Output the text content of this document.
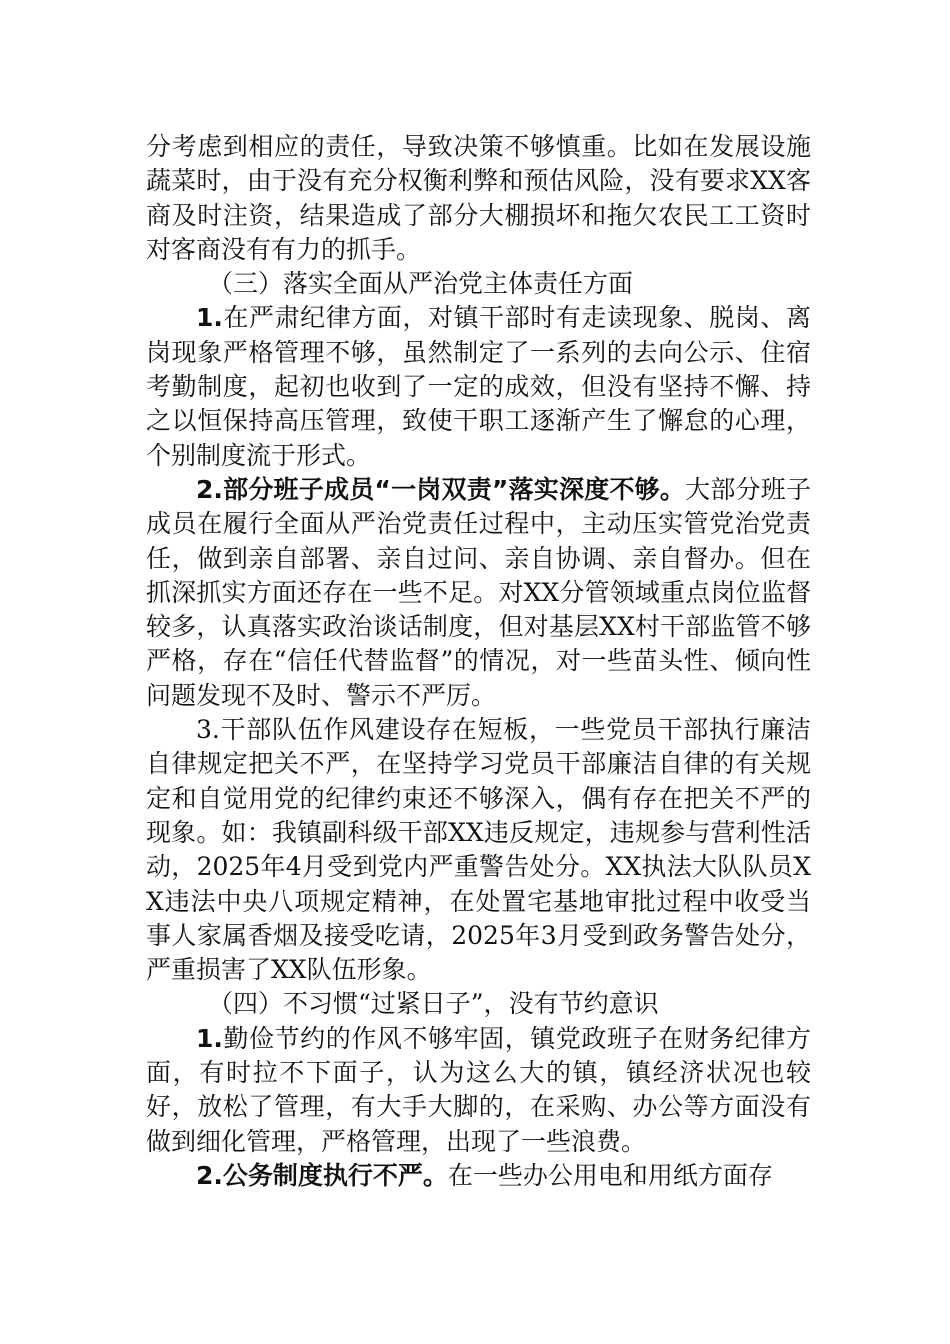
分考虑到相应的责任，导致决策不够慎重。比如在发展设施蔬菜时，由于没有充分权衡利弊和预估风险，没有要求XX客商及时注资，结果造成了部分大棚损坏和拖欠农民工工资时对客商没有有力的抓手。

（三）落实全面从严治党主体责任方面

1.在严肃纪律方面，对镇干部时有走读现象、脱岗、离岗现象严格管理不够，虽然制定了一系列的去向公示、住宿考勤制度，起初也收到了一定的成效，但没有坚持不懈、持之以恒保持高压管理，致使干职工逐渐产生了懈怠的心理，个别制度流于形式。

2.部分班子成员“一岗双责”落实深度不够。大部分班子成员在履行全面从严治党责任过程中，主动压实管党治党责任，做到亲自部署、亲自过问、亲自协调、亲自督办。但在抓深抓实方面还存在一些不足。对XX分管领域重点岗位监督较多，认真落实政治谈话制度，但对基层XX村干部监管不够严格，存在“信任代替监督”的情况，对一些苗头性、倾向性问题发现不及时、警示不严厉。

3.干部队伍作风建设存在短板，一些党员干部执行廉洁自律规定把关不严，在坚持学习党员干部廉洁自律的有关规定和自觉用党的纪律约束还不够深入，偶有存在把关不严的现象。如：我镇副科级干部XX违反规定，违规参与营利性活动，2025年4月受到党内严重警告处分。XX执法大队队员XX违法中央八项规定精神，在处置宅基地审批过程中收受当事人家属香烟及接受吃请，2025年3月受到政务警告处分，严重损害了XX队伍形象。

（四）不习惯“过紧日子”，没有节约意识

1.勤俭节约的作风不够牢固，镇党政班子在财务纪律方面，有时拉不下面子，认为这么大的镇，镇经济状况也较好，放松了管理，有大手大脚的，在采购、办公等方面没有做到细化管理，严格管理，出现了一些浪费。

2.公务制度执行不严。在一些办公用电和用纸方面存
